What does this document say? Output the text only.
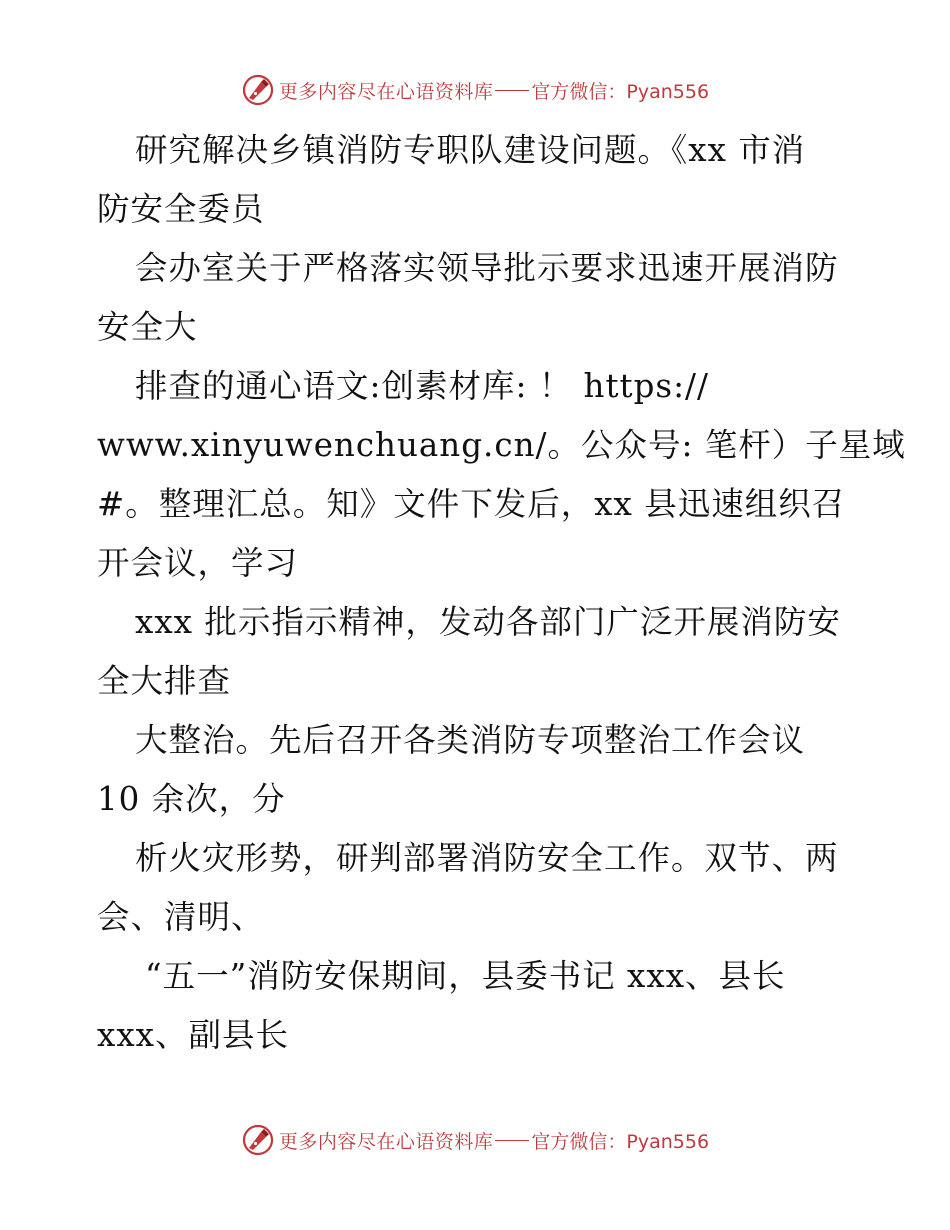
更多内容尽在心语资料库 官方微信：Pyan556
研究解决乡镇消防专职队建设问题。《xx 市消
防安全委员
会办室关于严格落实领导批示要求迅速开展消防
安全大
排查的通心语文:创素材库: ！ https://
www.xinyuwenchuang.cn/。公众号: 笔杆）子星域
#。整理汇总。知》文件下发后，xx 县迅速组织召
开会议，学习
xxx 批示指示精神，发动各部门广泛开展消防安
全大排查
大整治。先后召开各类消防专项整治工作会议
10 余次，分
析火灾形势，研判部署消防安全工作。双节、两
会、清明、
“五一”消防安保期间，县委书记 xxx、县长
xxx、副县长
更多内容尽在心语资料库 官方微信：Pyan556
